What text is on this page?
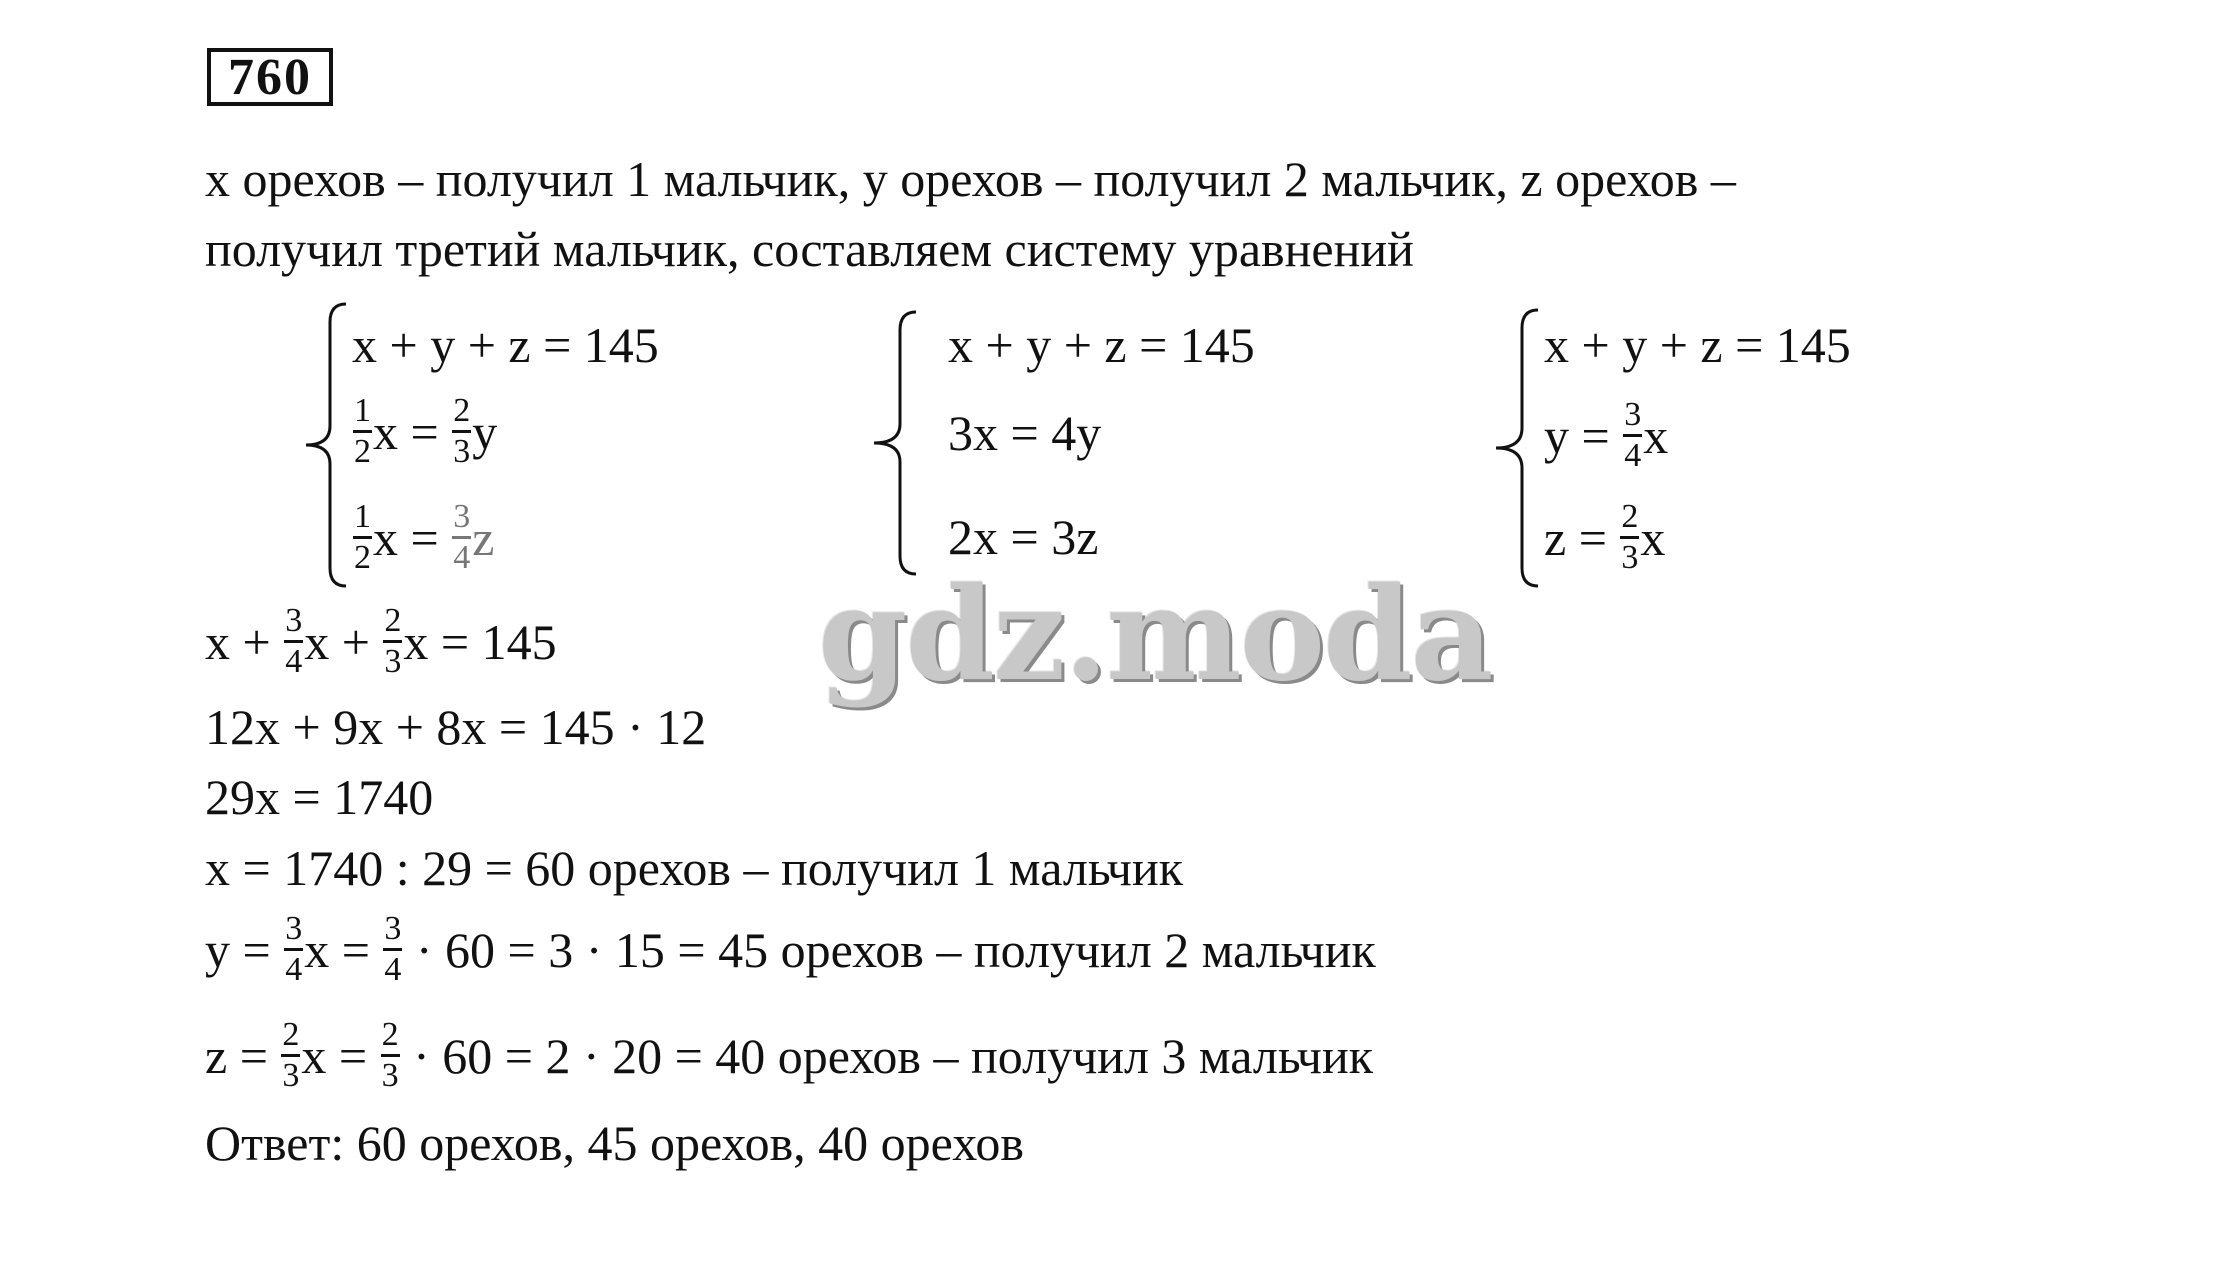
760
x орехов – получил 1 мальчик, y орехов – получил 2 мальчик, z орехов –
получил третий мальчик, составляем систему уравнений
x + y + z = 145
$\frac{1}{2}$ $x = \frac{2}{3}$ y
$\frac{1}{2}$ $x = \frac{3}{4}$ z
x + y + z = 145
3x = 4y
2x = 3z
x + y + z = 145
$y = \frac{3}{4}$ x
$z = \frac{2}{3}$ x
$x + \frac{3}{4}$ $x + \frac{2}{3}$ x = 145
12x + 9x + 8x = 145 · 12
29x = 1740
x = 1740 : 29 = 60 орехов – получил 1 мальчик
$y = \frac{3}{4}$ $x = \frac{3}{4} \cdot 60 = 3 \cdot 15 = 45$ орехов – получил 2 мальчик
$z = \frac{2}{3}$ $x = \frac{2}{3} \cdot 60 = 2 \cdot 20 = 40$ орехов – получил 3 мальчик
Ответ: 60 орехов, 45 орехов, 40 орехов
gdz.moda
